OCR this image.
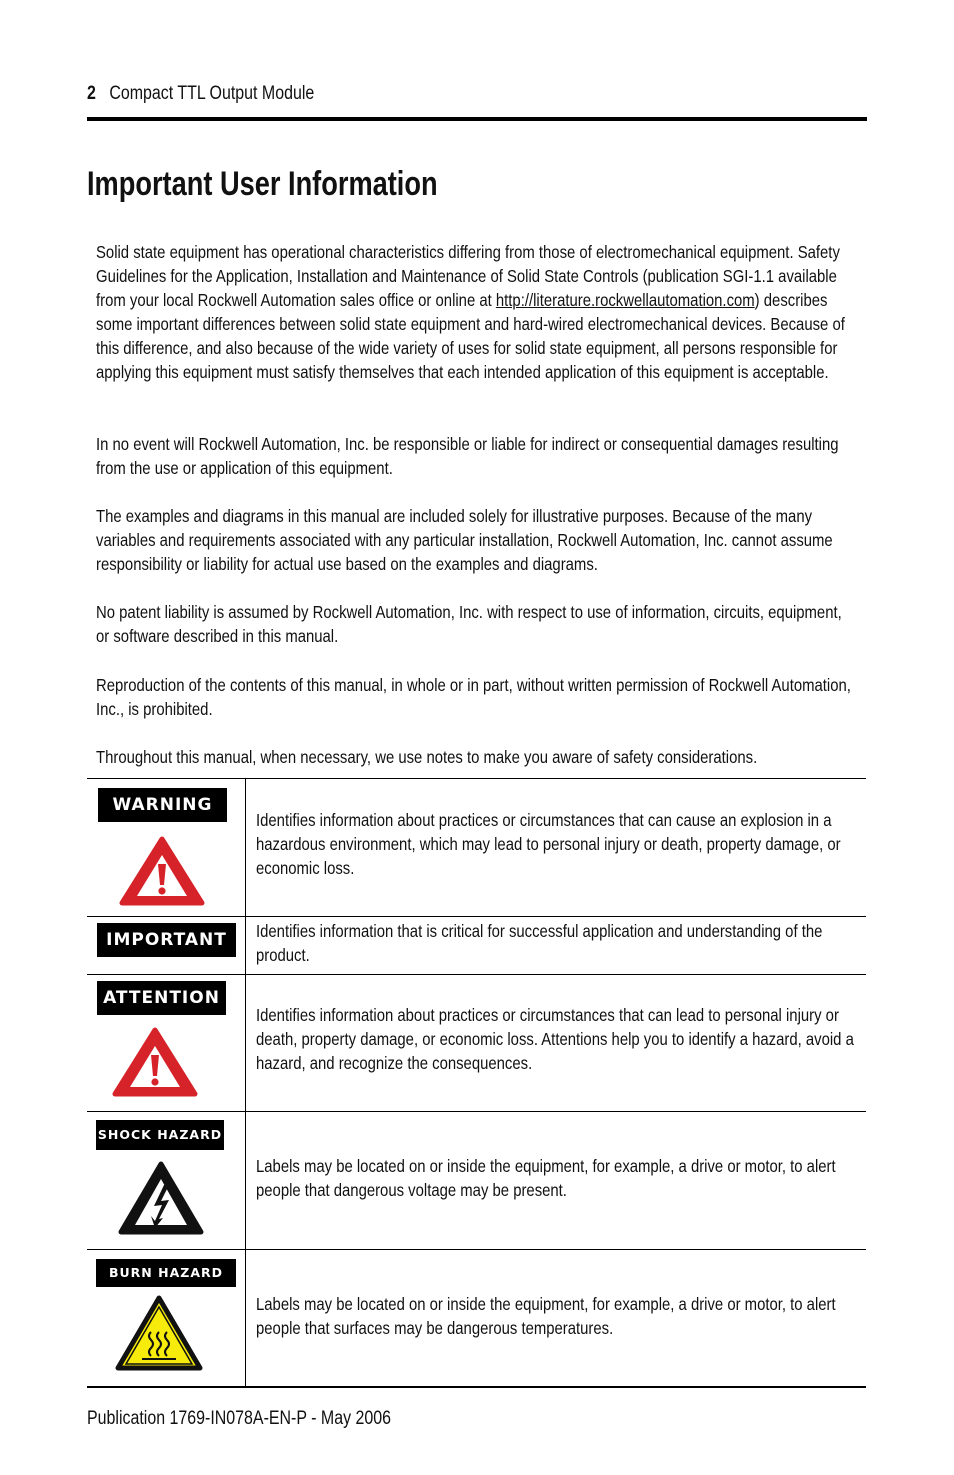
2 Compact TTL Output Module
Important User Information

Solid state equipment has operational characteristics differing from those of electromechanical equipment. Safety Guidelines for the Application, Installation and Maintenance of Solid State Controls (publication SGI-1.1 available from your local Rockwell Automation sales office or online at http://literature.rockwellautomation.com) describes some important differences between solid state equipment and hard-wired electromechanical devices. Because of this difference, and also because of the wide variety of uses for solid state equipment, all persons responsible for applying this equipment must satisfy themselves that each intended application of this equipment is acceptable.

In no event will Rockwell Automation, Inc. be responsible or liable for indirect or consequential damages resulting from the use or application of this equipment.

The examples and diagrams in this manual are included solely for illustrative purposes. Because of the many variables and requirements associated with any particular installation, Rockwell Automation, Inc. cannot assume responsibility or liability for actual use based on the examples and diagrams.

No patent liability is assumed by Rockwell Automation, Inc. with respect to use of information, circuits, equipment, or software described in this manual.

Reproduction of the contents of this manual, in whole or in part, without written permission of Rockwell Automation, Inc., is prohibited.

Throughout this manual, when necessary, we use notes to make you aware of safety considerations.

WARNING	Identifies information about practices or circumstances that can cause an explosion in a hazardous environment, which may lead to personal injury or death, property damage, or economic loss.

IMPORTANT	Identifies information that is critical for successful application and understanding of the product.

ATTENTION	Identifies information about practices or circumstances that can lead to personal injury or death, property damage, or economic loss. Attentions help you to identify a hazard, avoid a hazard, and recognize the consequences.

SHOCK HAZARD	Labels may be located on or inside the equipment, for example, a drive or motor, to alert people that dangerous voltage may be present.

BURN HAZARD	Labels may be located on or inside the equipment, for example, a drive or motor, to alert people that surfaces may be dangerous temperatures.
Publication 1769-IN078A-EN-P - May 2006
